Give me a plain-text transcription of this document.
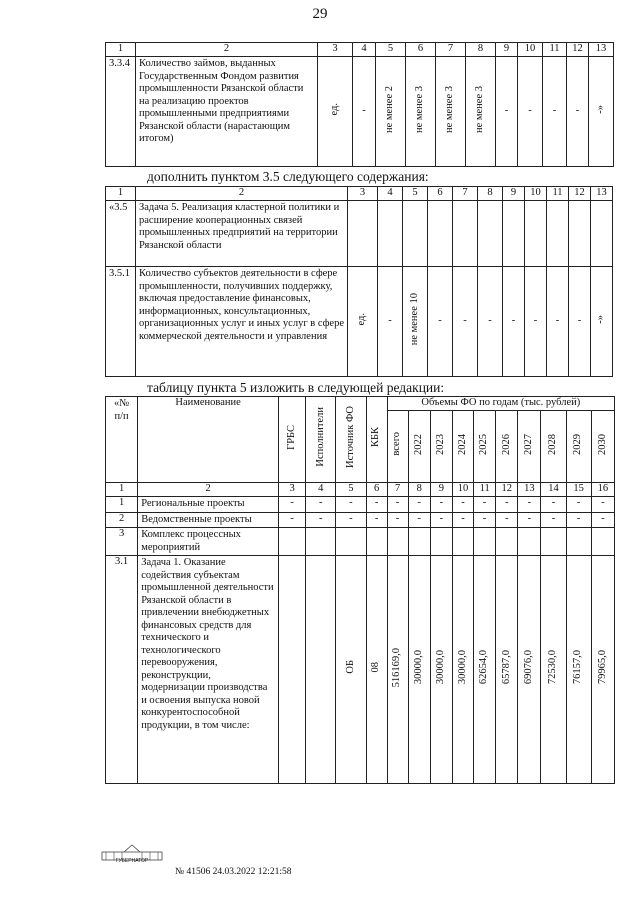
29
1	2	3	4	5	6	7	8	9	10	11	12	13
3.3.4	Количество займов, выданных Государственным Фондом развития промышленности Рязанской области на реализацию проектов промышленными предприятиями Рязанской области (нарастающим итогом)	ед.	-	не менее 2	не менее 3	не менее 3	не менее 3	-	-	-	-	-»
дополнить пунктом 3.5 следующего содержания:
1	2	3	4	5	6	7	8	9	10	11	12	13
«3.5	Задача 5. Реализация кластерной политики и расширение кооперационных связей промышленных предприятий на территории Рязанской области											
3.5.1	Количество субъектов деятельности в сфере промышленности, получивших поддержку, включая предоставление финансовых, информационных, консультационных, организационных услуг и иных услуг в сфере коммерческой деятельности и управления	ед.	-	не менее 10	-	-	-	-	-	-	-	-»
таблицу пункта 5 изложить в следующей редакции:
«№ п/п	Наименование	ГРБС	Исполнители	Источник ФО	КБК	Объемы ФО по годам (тыс. рублей)									
						всего	2022	2023	2024	2025	2026	2027	2028	2029	2030
1	2	3	4	5	6	7	8	9	10	11	12	13	14	15	16
1	Региональные проекты	-	-	-	-	-	-	-	-	-	-	-	-	-	-
2	Ведомственные проекты	-	-	-	-	-	-	-	-	-	-	-	-	-	-
3	Комплекс процессных мероприятий														
3.1	Задача 1. Оказание содействия субъектам промышленной деятельности Рязанской области в привлечении внебюджетных финансовых средств для технического и технологического перевооружения, реконструкции, модернизации производства и освоения выпуска новой конкурентоспособной продукции, в том числе:			ОБ	08	516169,0	30000,0	30000,0	30000,0	62654,0	65787,0	69076,0	72530,0	76157,0	79965,0
ГУБЕРНАТОР
№ 41506 24.03.2022 12:21:58
